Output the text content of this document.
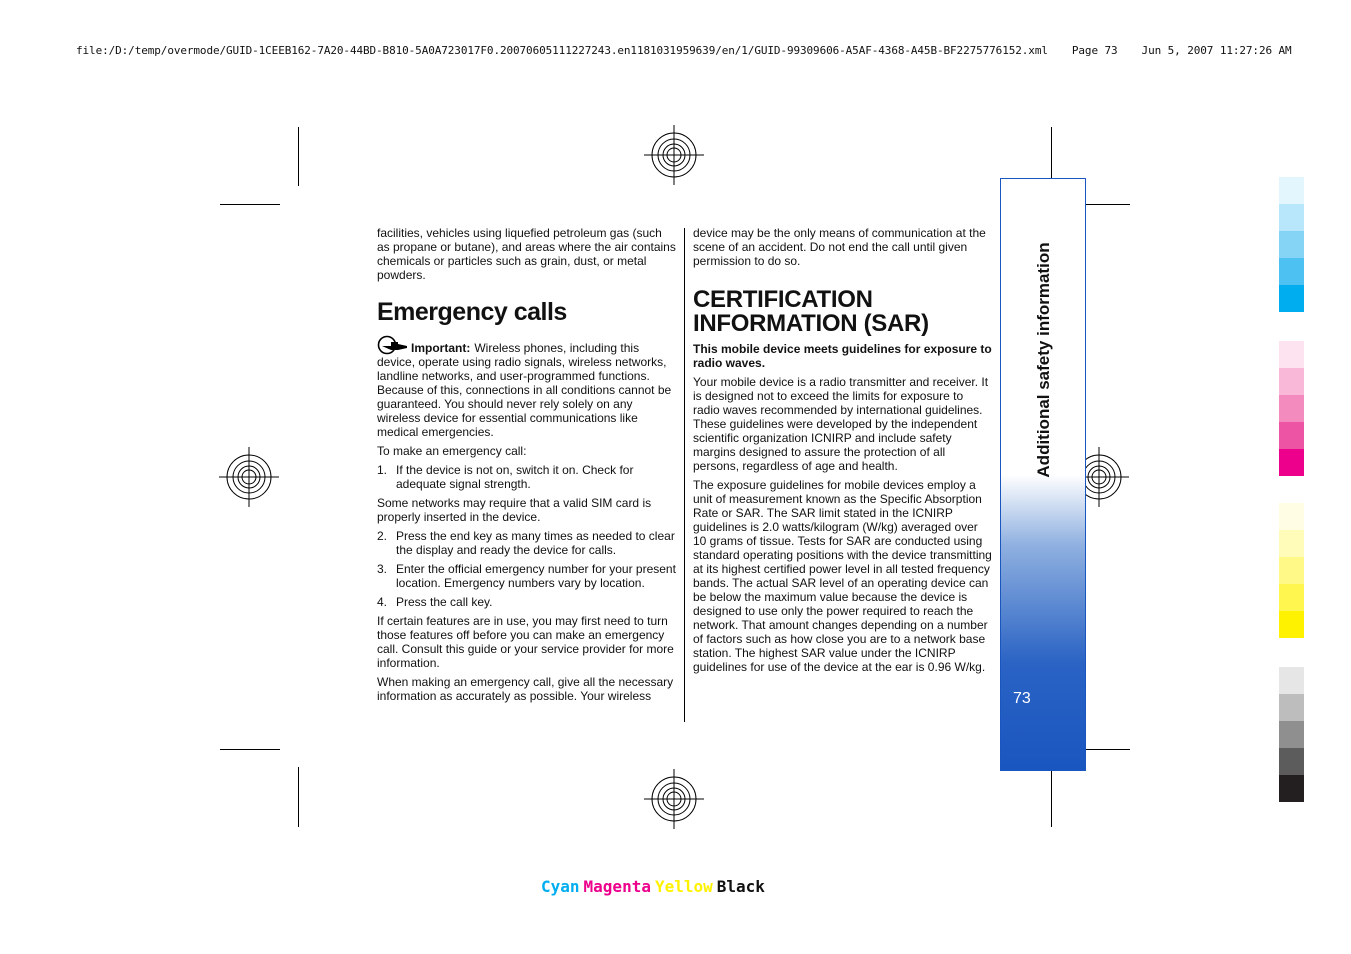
file:/D:/temp/overmode/GUID-1CEEB162-7A20-44BD-B810-5A0A723017F0.20070605111227243.en1181031959639/en/1/GUID-99309606-A5AF-4368-A45B-BF2275776152.xml Page 73 Jun 5, 2007 11:27:26 AM

facilities, vehicles using liquefied petroleum gas (such as propane or butane), and areas where the air contains chemicals or particles such as grain, dust, or metal powders.

Emergency calls

Important: Wireless phones, including this device, operate using radio signals, wireless networks, landline networks, and user-programmed functions. Because of this, connections in all conditions cannot be guaranteed. You should never rely solely on any wireless device for essential communications like medical emergencies.

To make an emergency call:

1. If the device is not on, switch it on. Check for adequate signal strength.

Some networks may require that a valid SIM card is properly inserted in the device.

2. Press the end key as many times as needed to clear the display and ready the device for calls.
3. Enter the official emergency number for your present location. Emergency numbers vary by location.
4. Press the call key.

If certain features are in use, you may first need to turn those features off before you can make an emergency call. Consult this guide or your service provider for more information.

When making an emergency call, give all the necessary information as accurately as possible. Your wireless

device may be the only means of communication at the scene of an accident. Do not end the call until given permission to do so.

CERTIFICATION
INFORMATION (SAR)

This mobile device meets guidelines for exposure to radio waves.

Your mobile device is a radio transmitter and receiver. It is designed not to exceed the limits for exposure to radio waves recommended by international guidelines. These guidelines were developed by the independent scientific organization ICNIRP and include safety margins designed to assure the protection of all persons, regardless of age and health.

The exposure guidelines for mobile devices employ a unit of measurement known as the Specific Absorption Rate or SAR. The SAR limit stated in the ICNIRP guidelines is 2.0 watts/kilogram (W/kg) averaged over 10 grams of tissue. Tests for SAR are conducted using standard operating positions with the device transmitting at its highest certified power level in all tested frequency bands. The actual SAR level of an operating device can be below the maximum value because the device is designed to use only the power required to reach the network. That amount changes depending on a number of factors such as how close you are to a network base station. The highest SAR value under the ICNIRP guidelines for use of the device at the ear is 0.96 W/kg.

Additional safety information
73
Cyan Magenta Yellow Black
